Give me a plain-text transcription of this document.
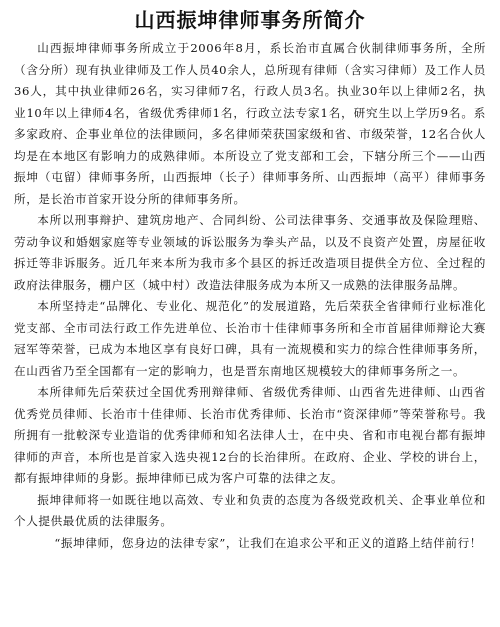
山西振坤律师事务所简介

山西振坤律师事务所成立于2006年8月，系长治市直属合伙制律师事务所，全所（含分所）现有执业律师及工作人员40余人，总所现有律师（含实习律师）及工作人员36人，其中执业律师26名，实习律师7名，行政人员3名。执业30年以上律师2名，执业10年以上律师4名，省级优秀律师1名，行政立法专家1名，研究生以上学历9名。系多家政府、企事业单位的法律顾问，多名律师荣获国家级和省、市级荣誉，12名合伙人均是在本地区有影响力的成熟律师。本所设立了党支部和工会，下辖分所三个——山西振坤（屯留）律师事务所，山西振坤（长子）律师事务所、山西振坤（高平）律师事务所，是长治市首家开设分所的律师事务所。

本所以刑事辩护、建筑房地产、合同纠纷、公司法律事务、交通事故及保险理赔、劳动争议和婚姻家庭等专业领域的诉讼服务为拳头产品，以及不良资产处置，房屋征收拆迁等非诉服务。近几年来本所为我市多个县区的拆迁改造项目提供全方位、全过程的政府法律服务，棚户区（城中村）改造法律服务成为本所又一成熟的法律服务品牌。

本所坚持走“品牌化、专业化、规范化”的发展道路，先后荣获全省律师行业标准化党支部、全市司法行政工作先进单位、长治市十佳律师事务所和全市首届律师辩论大赛冠军等荣誉，已成为本地区享有良好口碑，具有一流规模和实力的综合性律师事务所，在山西省乃至全国都有一定的影响力，也是晋东南地区规模较大的律师事务所之一。

本所律师先后荣获过全国优秀刑辩律师、省级优秀律师、山西省先进律师、山西省优秀党员律师、长治市十佳律师、长治市优秀律师、长治市“资深律师”等荣誉称号。我所拥有一批較深专业造诣的优秀律师和知名法律人士，在中央、省和市电视台都有振坤律师的声音，本所也是首家入选央视12台的长治律所。在政府、企业、学校的讲台上，都有振坤律师的身影。振坤律师已成为客户可靠的法律之友。

振坤律师将一如既往地以高效、专业和负责的态度为各级党政机关、企事业单位和个人提供最优质的法律服务。

“振坤律师，您身边的法律专家”，让我们在追求公平和正义的道路上结伴前行！
